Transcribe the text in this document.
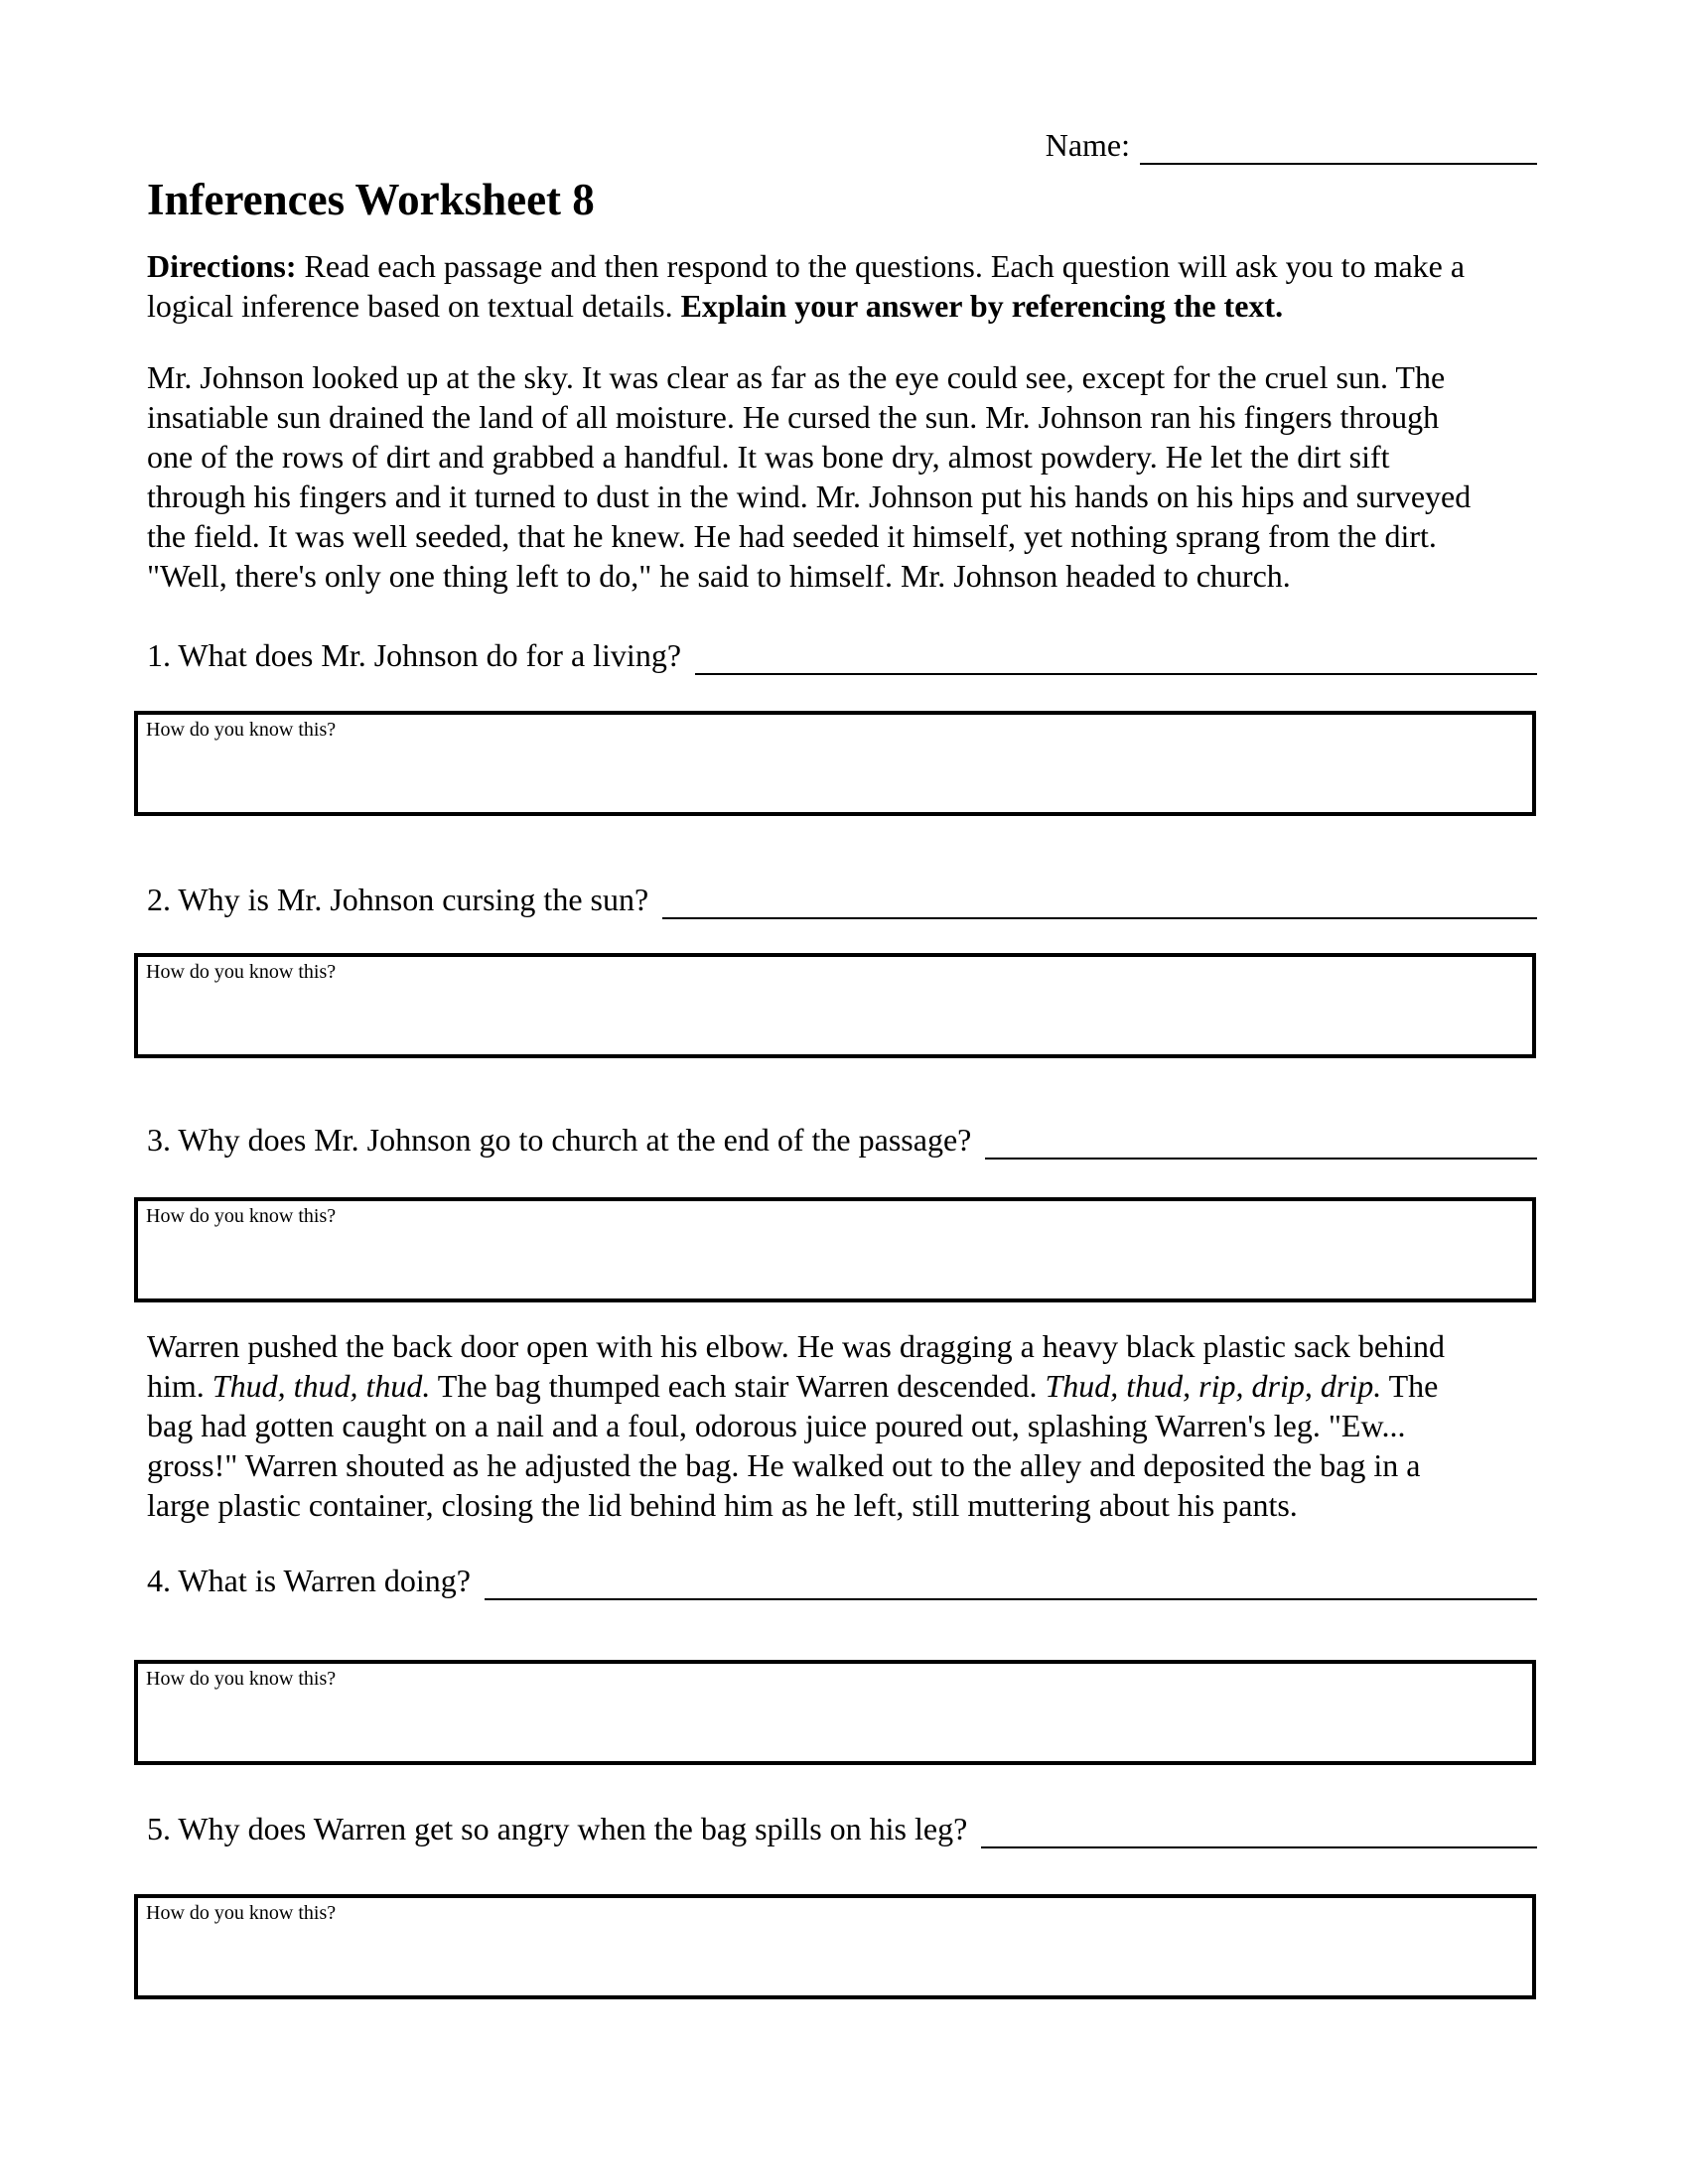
Name:
Inferences Worksheet 8
Directions: Read each passage and then respond to the questions. Each question will ask you to make a
logical inference based on textual details. Explain your answer by referencing the text.
Mr. Johnson looked up at the sky. It was clear as far as the eye could see, except for the cruel sun. The
insatiable sun drained the land of all moisture. He cursed the sun. Mr. Johnson ran his fingers through
one of the rows of dirt and grabbed a handful. It was bone dry, almost powdery. He let the dirt sift
through his fingers and it turned to dust in the wind. Mr. Johnson put his hands on his hips and surveyed
the field. It was well seeded, that he knew. He had seeded it himself, yet nothing sprang from the dirt.
"Well, there's only one thing left to do," he said to himself. Mr. Johnson headed to church.
1. What does Mr. Johnson do for a living?
How do you know this?
2. Why is Mr. Johnson cursing the sun?
How do you know this?
3. Why does Mr. Johnson go to church at the end of the passage?
How do you know this?
Warren pushed the back door open with his elbow. He was dragging a heavy black plastic sack behind
him. Thud, thud, thud. The bag thumped each stair Warren descended. Thud, thud, rip, drip, drip. The
bag had gotten caught on a nail and a foul, odorous juice poured out, splashing Warren's leg. "Ew...
gross!" Warren shouted as he adjusted the bag. He walked out to the alley and deposited the bag in a
large plastic container, closing the lid behind him as he left, still muttering about his pants.
4. What is Warren doing?
How do you know this?
5. Why does Warren get so angry when the bag spills on his leg?
How do you know this?
